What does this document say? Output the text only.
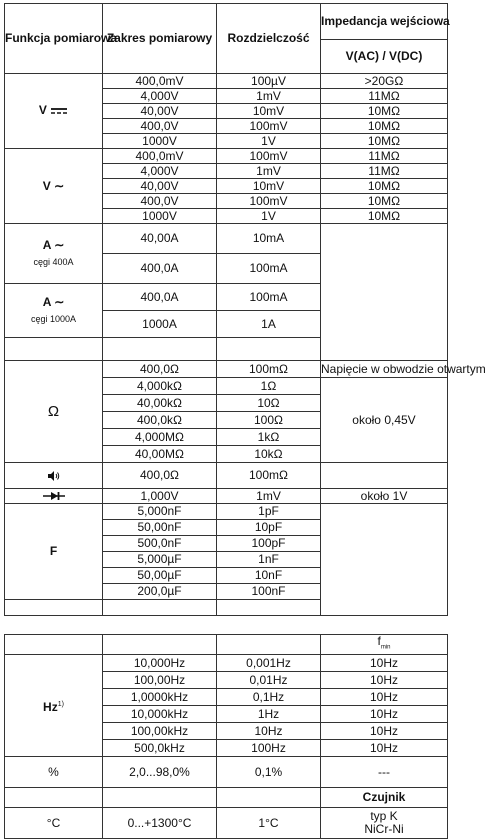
Funkcja pomiarowa	Zakres pomiarowy	Rozdzielczość	Impedancja wejściowa
			V(AC) / V(DC)
V	400,0mV	100µV	>20GΩ
	4,000V	1mV	11MΩ
	40,00V	10mV	10MΩ
	400,0V	100mV	10MΩ
	1000V	1V	10MΩ
V ∼	400,0mV	100mV	11MΩ
	4,000V	1mV	11MΩ
	40,00V	10mV	10MΩ
	400,0V	100mV	10MΩ
	1000V	1V	10MΩ

A ∼
cęgi 400A	40,00A	10mA	
	400,0A	100mA	

A ∼
cęgi 1000A	400,0A	100mA	
	1000A	1A	

Ω	400,0Ω	100mΩ	Napięcie w obwodzie otwartym
	4,000kΩ	1Ω	około 0,45V
	40,00kΩ	10Ω	
	400,0kΩ	100Ω	
	4,000MΩ	1kΩ	
	40,00MΩ	10kΩ	
	400,0Ω	100mΩ	
	1,000V	1mV	około 1V
F	5,000nF	1pF	
	50,00nF	10pF	
	500,0nF	100pF	
	5,000µF	1nF	
	50,00µF	10nF	
	200,0µF	100nF	

			$f_{min}$
Hz$^{1)}$	10,000Hz	0,001Hz	10Hz
	100,00Hz	0,01Hz	10Hz
	1,0000kHz	0,1Hz	10Hz
	10,000kHz	1Hz	10Hz
	100,00kHz	10Hz	10Hz
	500,0kHz	100Hz	10Hz
%	2,0...98,0%	0,1%	---
			Czujnik
°C	0...+1300°C	1°C	typ K
NiCr-Ni
